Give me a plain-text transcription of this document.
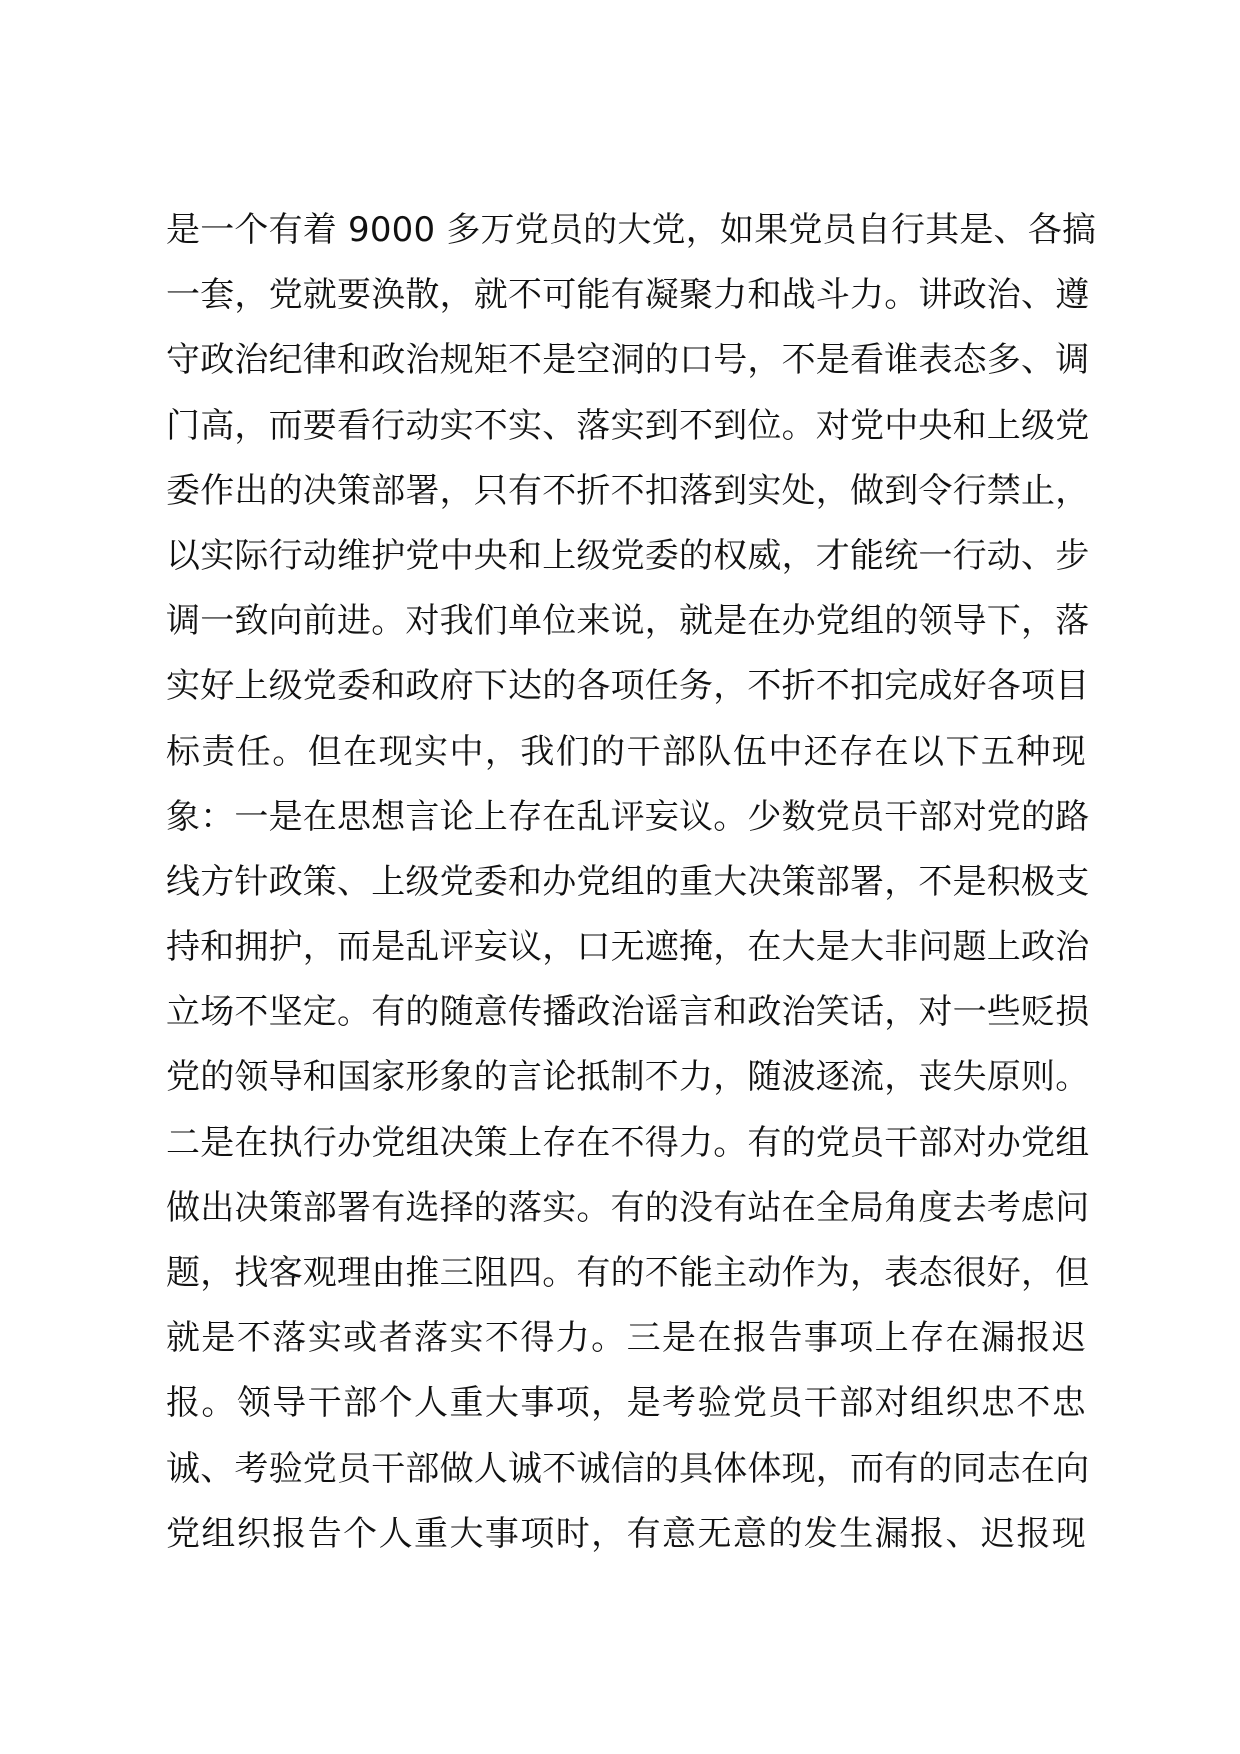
是一个有着 9000 多万党员的大党，如果党员自行其是、各搞
一套，党就要涣散，就不可能有凝聚力和战斗力。讲政治、遵
守政治纪律和政治规矩不是空洞的口号，不是看谁表态多、调
门高，而要看行动实不实、落实到不到位。对党中央和上级党
委作出的决策部署，只有不折不扣落到实处，做到令行禁止，
以实际行动维护党中央和上级党委的权威，才能统一行动、步
调一致向前进。对我们单位来说，就是在办党组的领导下，落
实好上级党委和政府下达的各项任务，不折不扣完成好各项目
标责任。但在现实中，我们的干部队伍中还存在以下五种现
象：一是在思想言论上存在乱评妄议。少数党员干部对党的路
线方针政策、上级党委和办党组的重大决策部署，不是积极支
持和拥护，而是乱评妄议，口无遮掩，在大是大非问题上政治
立场不坚定。有的随意传播政治谣言和政治笑话，对一些贬损
党的领导和国家形象的言论抵制不力，随波逐流，丧失原则。
二是在执行办党组决策上存在不得力。有的党员干部对办党组
做出决策部署有选择的落实。有的没有站在全局角度去考虑问
题，找客观理由推三阻四。有的不能主动作为，表态很好，但
就是不落实或者落实不得力。三是在报告事项上存在漏报迟
报。领导干部个人重大事项，是考验党员干部对组织忠不忠
诚、考验党员干部做人诚不诚信的具体体现，而有的同志在向
党组织报告个人重大事项时，有意无意的发生漏报、迟报现
